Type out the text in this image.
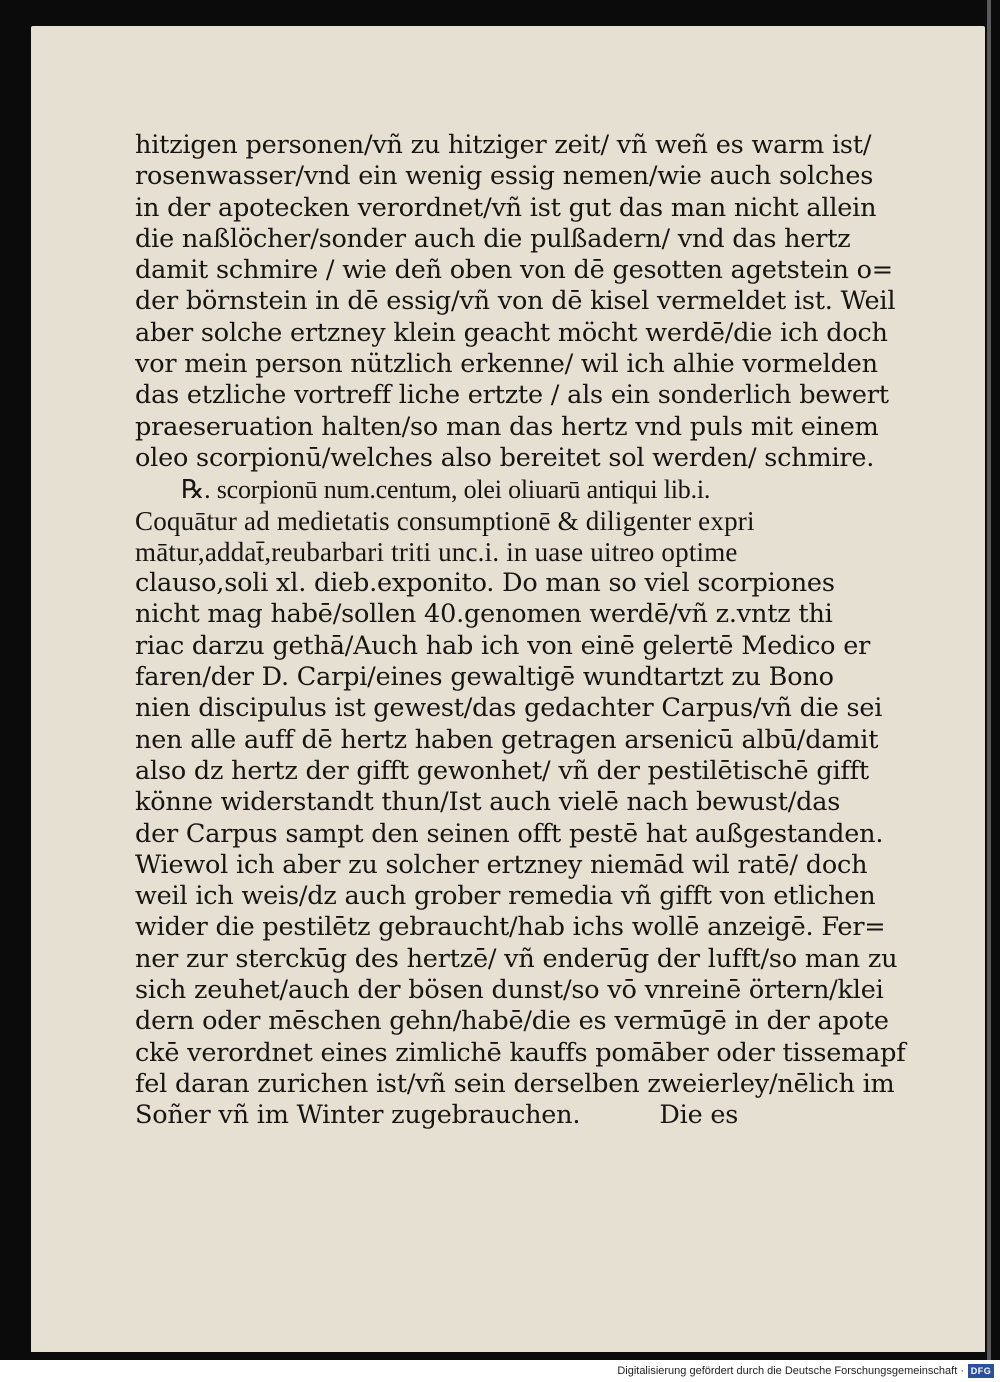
hitzigen personen/vñ zu hitziger zeit/ vñ weñ es warm ist/
rosenwasser/vnd ein wenig essig nemen/wie auch solches
in der apotecken verordnet/vñ ist gut das man nicht allein
die naßlöcher/sonder auch die pulßadern/ vnd das hertz
damit schmire / wie deñ oben von dē gesotten agetstein o=
der börnstein in dē essig/vñ von dē kisel vermeldet ist. Weil
aber solche ertzney klein geacht möcht werdē/die ich doch
vor mein person nützlich erkenne/ wil ich alhie vormelden
das etzliche vortreff liche ertzte / als ein sonderlich bewert
praeseruation halten/so man das hertz vnd puls mit einem
oleo scorpionū/welches also bereitet sol werden/ schmire.
℞. scorpionū num.centum, olei oliuarū antiqui lib.i.
Coquātur ad medietatis consumptionē & diligenter expri
mātur,addat̄,reubarbari triti unc.i. in uase uitreo optime
clauso,soli xl. dieb.exponito. Do man so viel scorpiones
nicht mag habē/sollen 40.genomen werdē/vñ z.vntz thi
riac darzu gethā/Auch hab ich von einē gelertē Medico er
faren/der D. Carpi/eines gewaltigē wundtartzt zu Bono
nien discipulus ist gewest/das gedachter Carpus/vñ die sei
nen alle auff dē hertz haben getragen arsenicū albū/damit
also dz hertz der gifft gewonhet/ vñ der pestilētischē gifft
könne widerstandt thun/Ist auch vielē nach bewust/das
der Carpus sampt den seinen offt pestē hat außgestanden.
Wiewol ich aber zu solcher ertzney niemād wil ratē/ doch
weil ich weis/dz auch grober remedia vñ gifft von etlichen
wider die pestilētz gebraucht/hab ichs wollē anzeigē. Fer=
ner zur sterckūg des hertzē/ vñ enderūg der lufft/so man zu
sich zeuhet/auch der bösen dunst/so vō vnreinē örtern/klei
dern oder mēschen gehn/habē/die es vermūgē in der apote
ckē verordnet eines zimlichē kauffs pomāber oder tissemapf
fel daran zurichen ist/vñ sein derselben zweierley/nēlich im
Soñer vñ im Winter zugebrauchen.          Die es
Digitalisierung gefördert durch die Deutsche Forschungsgemeinschaft · DFG
